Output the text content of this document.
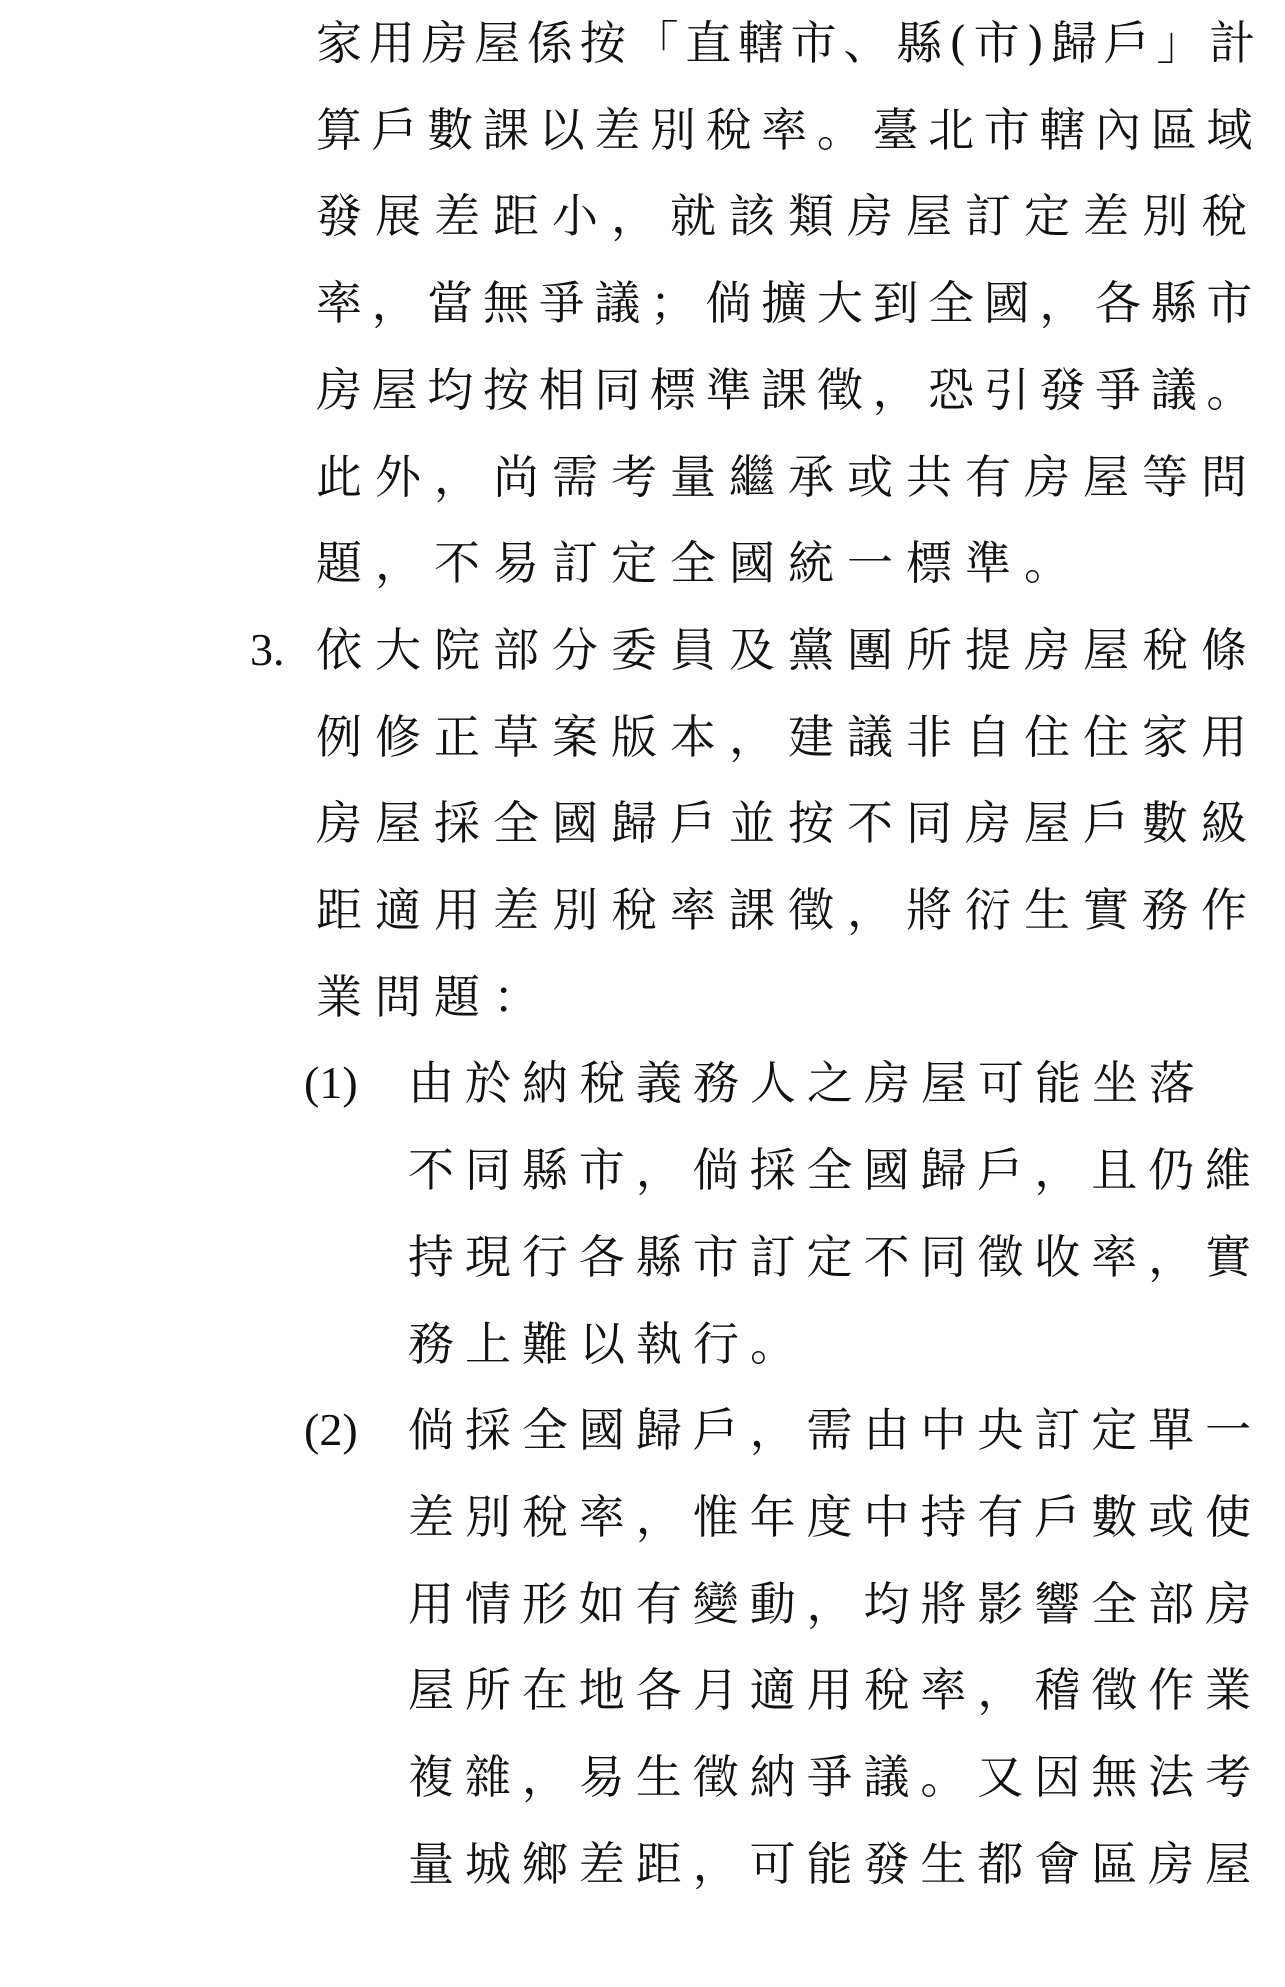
家用房屋係按「直轄市、縣(市)歸戶」計
算戶數課以差別稅率。臺北市轄內區域
發展差距小，就該類房屋訂定差別稅
率，當無爭議；倘擴大到全國，各縣市
房屋均按相同標準課徵，恐引發爭議。
此外，尚需考量繼承或共有房屋等問
題，不易訂定全國統一標準。
3. 依大院部分委員及黨團所提房屋稅條
例修正草案版本，建議非自住住家用
房屋採全國歸戶並按不同房屋戶數級
距適用差別稅率課徵，將衍生實務作
業問題：
(1) 由於納稅義務人之房屋可能坐落
不同縣市，倘採全國歸戶，且仍維
持現行各縣市訂定不同徵收率，實
務上難以執行。
(2) 倘採全國歸戶，需由中央訂定單一
差別稅率，惟年度中持有戶數或使
用情形如有變動，均將影響全部房
屋所在地各月適用稅率，稽徵作業
複雜，易生徵納爭議。又因無法考
量城鄉差距，可能發生都會區房屋
